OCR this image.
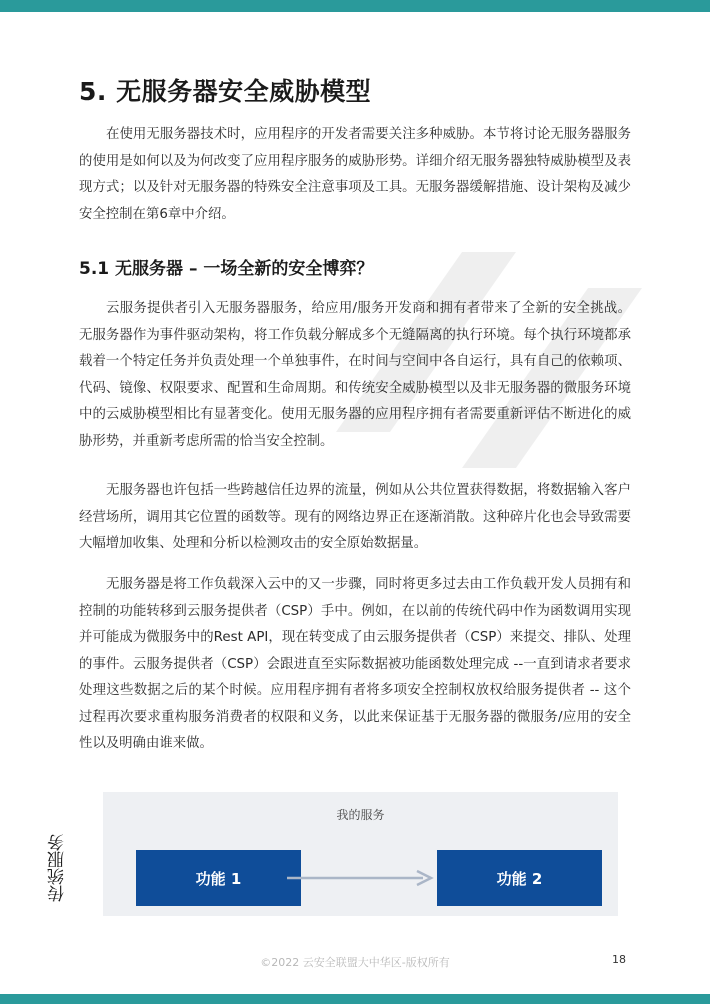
5. 无服务器安全威胁模型

在使用无服务器技术时，应用程序的开发者需要关注多种威胁。本节将讨论无服务器服务的使用是如何以及为何改变了应用程序服务的威胁形势。详细介绍无服务器独特威胁模型及表现方式；以及针对无服务器的特殊安全注意事项及工具。无服务器缓解措施、设计架构及减少安全控制在第6章中介绍。

5.1 无服务器 – 一场全新的安全博弈？

云服务提供者引入无服务器服务，给应用/服务开发商和拥有者带来了全新的安全挑战。无服务器作为事件驱动架构，将工作负载分解成多个无缝隔离的执行环境。每个执行环境都承载着一个特定任务并负责处理一个单独事件，在时间与空间中各自运行，具有自己的依赖项、代码、镜像、权限要求、配置和生命周期。和传统安全威胁模型以及非无服务器的微服务环境中的云威胁模型相比有显著变化。使用无服务器的应用程序拥有者需要重新评估不断进化的威胁形势，并重新考虑所需的恰当安全控制。

无服务器也许包括一些跨越信任边界的流量，例如从公共位置获得数据，将数据输入客户经营场所，调用其它位置的函数等。现有的网络边界正在逐渐消散。这种碎片化也会导致需要大幅增加收集、处理和分析以检测攻击的安全原始数据量。

无服务器是将工作负载深入云中的又一步骤，同时将更多过去由工作负载开发人员拥有和控制的功能转移到云服务提供者（CSP）手中。例如，在以前的传统代码中作为函数调用实现并可能成为微服务中的Rest API，现在转变成了由云服务提供者（CSP）来提交、排队、处理的事件。云服务提供者（CSP）会跟进直至实际数据被功能函数处理完成 --一直到请求者要求处理这些数据之后的某个时候。应用程序拥有者将多项安全控制权放权给服务提供者 -- 这个过程再次要求重构服务消费者的权限和义务，以此来保证基于无服务器的微服务/应用的安全性以及明确由谁来做。

传统服务
我的服务
功能 1	功能 2
©2022 云安全联盟大中华区-版权所有	18
